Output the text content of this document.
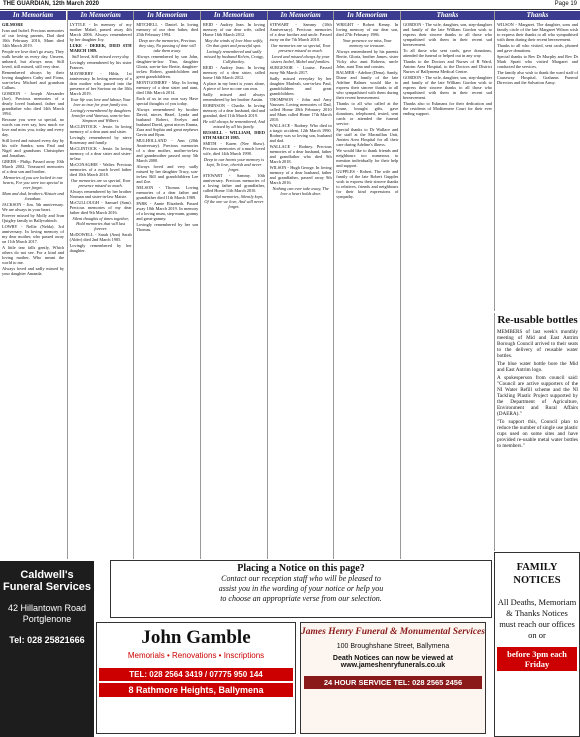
THE GUARDIAN, 12th March 2020	Page 19
In Memoriam

GILMORE

Ivan and Isobel. Precious memories of our loving parents, Dad died 10th February 2016, Mum died 14th March 2019.

People we love don't go away, They walk beside us every day. Unseen, unheard, but always near, Still loved, still missed, still very dear.

Remembered always by their loving daughters Cathy and Fiona, son-in-law Michael and grandson Callum.

GORDON - Joseph Alexander (Joe). Precious memories of a dearly loved husband, father and grandfather who died 14th March 1994.

Because you were so special, no words can ever say, how much we love and miss you, today and every day.

Still loved and missed every day by his wife Sandra, sons Paul and Nigel and grandsons Christopher and Jonathan.

GREER - Philip. Passed away 10th March 2002. Treasured memories of a dear son and brother.

Memories of you are locked in our hearts, For you were too special to ever forget.

Mum and dad, brothers Alistair and Jonathan.

JACKSON - Jim. 5th anniversary. We are always in your heart.

Forever missed by Molly and Ivan Quigley family in Ballyvahinch.

LOWRY - Nellie (Nelda). 3rd anniversary. In loving memory of my dear mother, who passed away on 11th March 2017.

A little tear falls gently, Which others do not see. For a kind and loving mother, Who meant the world to me.

Always loved and sadly missed by your daughter Amanda.

In Memoriam

LYTTLE - In memory of my mother Mabel, passed away 4th March 2006. Always remembered by her daughter Joy.

LUKE - DEREK, DIED 6TH MARCH 1989.

Still loved, Still missed every day.

Lovingly remembered by his sister Frances.

MAYBERRY - Hilda, 1st anniversary. In loving memory of a dear mother who passed into the presence of her Saviour on the 10th March 2019.

Your life was love and labour, Your love so true for your family too.

Lovingly remembered by daughters Jennifer and Vanessa, sons-in-law Simpson and Wilbert.

McCLINTOCK - Jessie. In loving memory of a dear aunt and sister.

Lovingly remembered by niece Rosemary and family.

McCLINTOCK - Jessie. In loving memory of a dear sister and sister-in-law.

McCONAGHIE - Walter. Precious memories of a much loved father died 10th March 2018.

Our memories are so special, Your presence missed so much.

Always remembered by her brother Norman and sister-in-law Maisie.

McCULLOUGH - Samuel (Sam). Precious memories of my dear father died 9th March 2016.

Silent thoughts of times together, Hold memories that will last forever.

McDOWELL - Sarah (Ann) Sarah (Alder) died 2nd March 1985.

Lovingly remembered by her daughter.

In Memoriam

MITCHELL - Daniel. In loving memory of our dear father, died 25th February 1994.

Deep are the memories, Precious they stay, No passing of time will take them away.

Always remembered by son John, daughter-in-law Tina, daughter Gloria, son-in-law Bertie, daughter-in-law Robert, grandchildren and great grandchildren.

MONTGOMERY - May. In loving memory of a dear sister and aunt, died 10th March 2014.

Each of us in our own way Have special thoughts of you today.

Always remembered by brother David, nieces Hazel, Lynda and husband Robert, Evelyn and husband David, great nieces Emma, Zara and Sophia and great nephews Gavin and Ryan.

MULHOLLAND - Ann (20th Anniversary). Precious memories of a dear mother, mother-in-law and grandmother passed away 5th March 2000.

Always loved and very sadly missed by her daughter Tracy, son-in-law Bill and grandchildren Lee and Zoe.

NELSON - Thomas. Loving memories of a dear father and grandfather died 11th March 1989.

PARK - Annie Elizabeth. Passed away 10th March 2019. In memory of a loving mum, step-mum, granny and great-granny.

Lovingly remembered by her son Thomas.

In Memoriam

REID - Audrey Jean. In loving memory of our dear wife, called Home 16th March 2012.

May the winds of love blow softly, On that quiet and peaceful spot.

Lovingly remembered and sadly missed by husband Kelvin, Craigy, Cullybackey.

REID - Audrey Jean. In loving memory of a dear sister, called home 16th March 2012.

A place in my heart is yours alone, A piece of love no one can own.

Sadly missed and always remembered by her brother Austin.

ROBINSON - Charlie. In loving memory of a dear husband, dad and grandad, died 11th March 2019.

He will always be remembered, And missed by all his family.

RUSSELL - WILLIAM, DIED 6TH MARCH 1985.

SMITH - Karen (Nee Shaw). Precious memories of a much loved wife, died 14th March 1998.

Deep in our hearts your memory is kept, To love, cherish and never forget.

STEWART - Sammy. 10th anniversary. Precious memories of a loving father and grandfather, called Home 11th March 2010.

Beautiful memories, Silently kept, Of the one we love, And will never forget.

In Memoriam

STEWART - Sammy (10th Anniversary). Precious memories of a dear brother and uncle. Passed away on the 7th March 2010.

Our memories are so special, Your presence missed so much.

Loved and missed always by your sisters Isobel, Mabel and families.

SURGENOR - Louise. Passed away 9th March 2017.

Sadly missed everyday by her daughter Marleah, son-in-law Paul, grandchildren and great grandchildren.

THOMPSON - John and Amy Vaussen. Loving memories of Dad, called Home 28th February 2010 and Mum called Home 17th March 2010.

WALLACE - Rodney. Who died in a tragic accident, 12th March 1990. Rodney was so loving son, husband and dad.

WALLACE - Rodney. Precious memories of a dear husband, father and grandfather who died 9th March 2018.

WILSON - Hugh George. In loving memory of a dear husband, father and grandfather, passed away 9th March 2016.

Nothing can ever take away, The love a heart holds dear.

In Memoriam

WRIGHT - Robert Kenny. In loving memory of our dear son, died 27th February 1986.

Your presence we miss, Your memory we treasure.

Always remembered by his parents Bertie, Gloria, brother James, sister Vicky also aunt Roberta, uncle John, aunt Tina and cousins.

BALMER - Adeline (Dena). Sandy, Diane and family of the late Adeline Balmer would like to express their sincere thanks to all who sympathised with them during their recent bereavement.

Thanks to all who called at the house, brought gifts, gave donations, telephoned, texted, sent cards or attended the funeral service.

Special thanks to Dr Wallace and the staff at the Macmillan Unit, Antrim Area Hospital for all their care during Adeline's illness.

We would like to thank friends and neighbours too numerous to mention individually for their help and support.

GUPPLES - Robert. The wife and family of the late Robert Gupples wish to express their sincere thanks to relatives, friends and neighbours for their kind expressions of sympathy.

Thanks

GORDON - The wife, daughter, son, step-daughter and family of the late William Gordon wish to express their sincere thanks to all those who sympathised with them in their recent sad bereavement.

To all those who sent cards, gave donations, attended the funeral or helped out in any way.

Thanks to the Doctors and Nurses of B Ward, Antrim Area Hospital, to the Doctors and District Nurses of Ballymena Medical Centre.

GORDON - The wife, daughter, son, step-daughter and family of the late William Gordon wish to express their sincere thanks to all those who sympathised with them in their recent sad bereavement.

Thanks also to Eskmans for their dedication and the residents of Moditemere Court for their ever ending support.

Thanks

WILSON - Margaret. The daughter, sons and family circle of the late Margaret Wilson wish to express their thanks to all who sympathised with them during their recent bereavement.

Thanks to all who visited, sent cards, phoned and gave donations.

Special thanks to Rev Dr Murphy and Rev Dr Mark Spratt who visited Margaret and conducted the services.

The family also wish to thank the ward staff of Causeway Hospital, Grahams Funeral Directors and the Salvation Army.

Re-usable bottles

MEMBERS of last week's monthly meeting of Mid and East Antrim Borough Council arrived to their seats to the delivery of reusable water bottles.

The blue water bottle bore the Mid and East Antrim logo.

A spokesperson from council said: "Council are active supporters of the NI Water Refill scheme and the NI Tackling Plastic Project supported by the Department of Agriculture, Environment and Rural Affairs (DAERA)."

"To support this, Council plan to reduce the number of single use plastic cups used on some sites and have provided re-usable metal water bottles to members."

Caldwell's Funeral Services
42 Hillantown Road Portglenone
Tel: 028 25821666
Placing a Notice on this page?
Contact our reception staff who will be pleased to
assist you in the wording of your notice or help you
to choose an appropriate verse from our selection.
John Gamble
Memorials • Renovations • Inscriptions
TEL: 028 2564 3419 / 07775 950 144
8 Rathmore Heights, Ballymena
James Henry Funeral & Monumental Services
100 Broughshane Street, Ballymena
Death Notices can now be viewed at www.jameshenryfunerals.co.uk
24 HOUR SERVICE TEL: 028 2565 2456
FAMILY NOTICES
All Deaths, Memoriam
& Thanks Notices
must reach our offices on or
before 3pm each Friday
